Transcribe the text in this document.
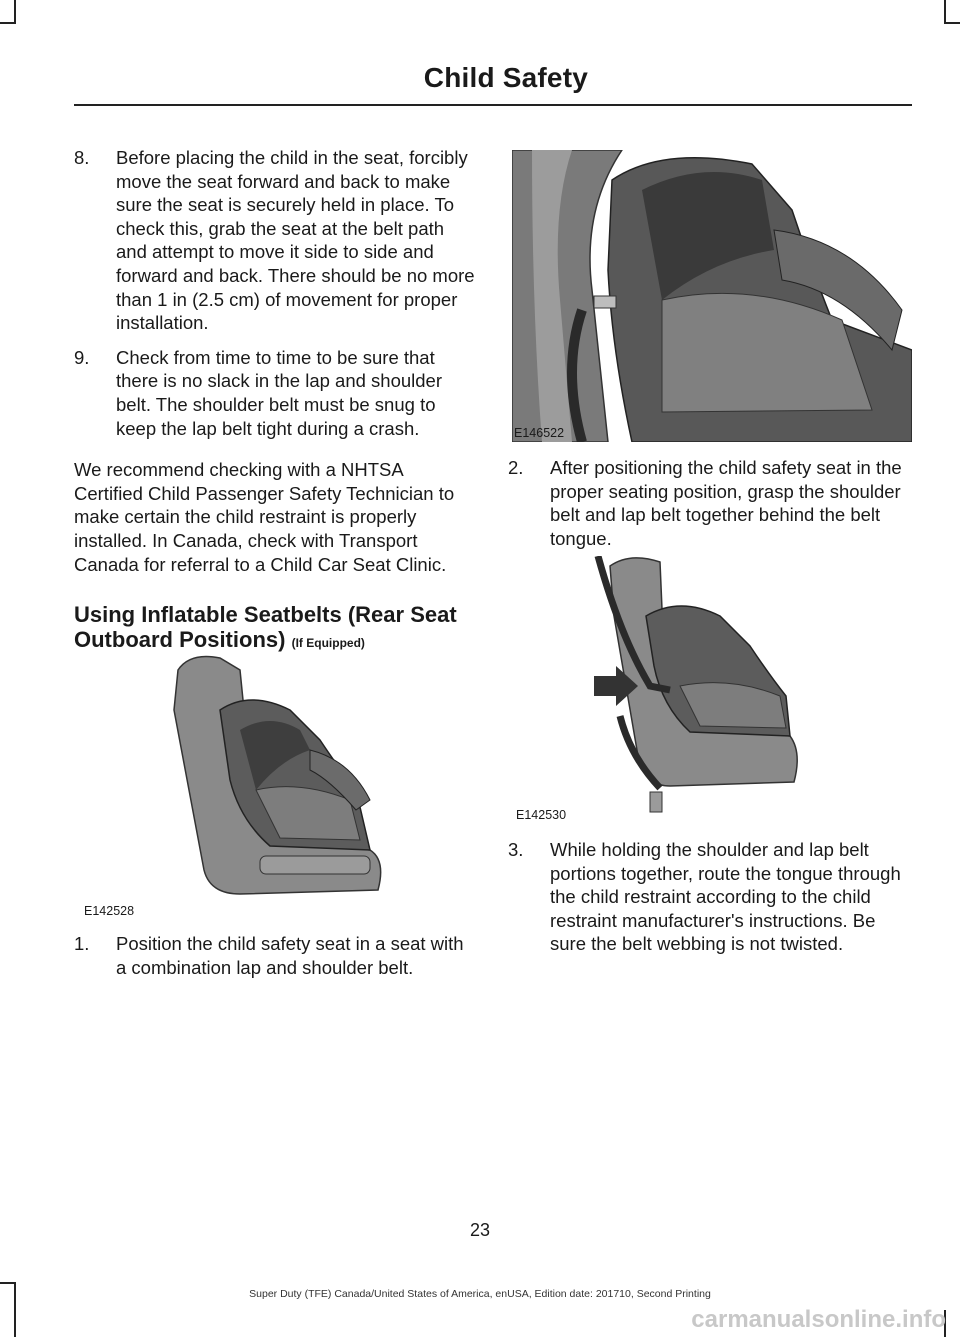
Child Safety
8.	Before placing the child in the seat, forcibly move the seat forward and back to make sure the seat is securely held in place. To check this, grab the seat at the belt path and attempt to move it side to side and forward and back. There should be no more than 1 in (2.5 cm) of movement for proper installation.
9.	Check from time to time to be sure that there is no slack in the lap and shoulder belt. The shoulder belt must be snug to keep the lap belt tight during a crash.
We recommend checking with a NHTSA Certified Child Passenger Safety Technician to make certain the child restraint is properly installed. In Canada, check with Transport Canada for referral to a Child Car Seat Clinic.
Using Inflatable Seatbelts (Rear Seat Outboard Positions) (If Equipped)
E142528
1.	Position the child safety seat in a seat with a combination lap and shoulder belt.
E146522
2.	After positioning the child safety seat in the proper seating position, grasp the shoulder belt and lap belt together behind the belt tongue.
E142530
3.	While holding the shoulder and lap belt portions together, route the tongue through the child restraint according to the child restraint manufacturer's instructions. Be sure the belt webbing is not twisted.
23
Super Duty (TFE) Canada/United States of America, enUSA, Edition date: 201710, Second Printing
carmanualsonline.info
